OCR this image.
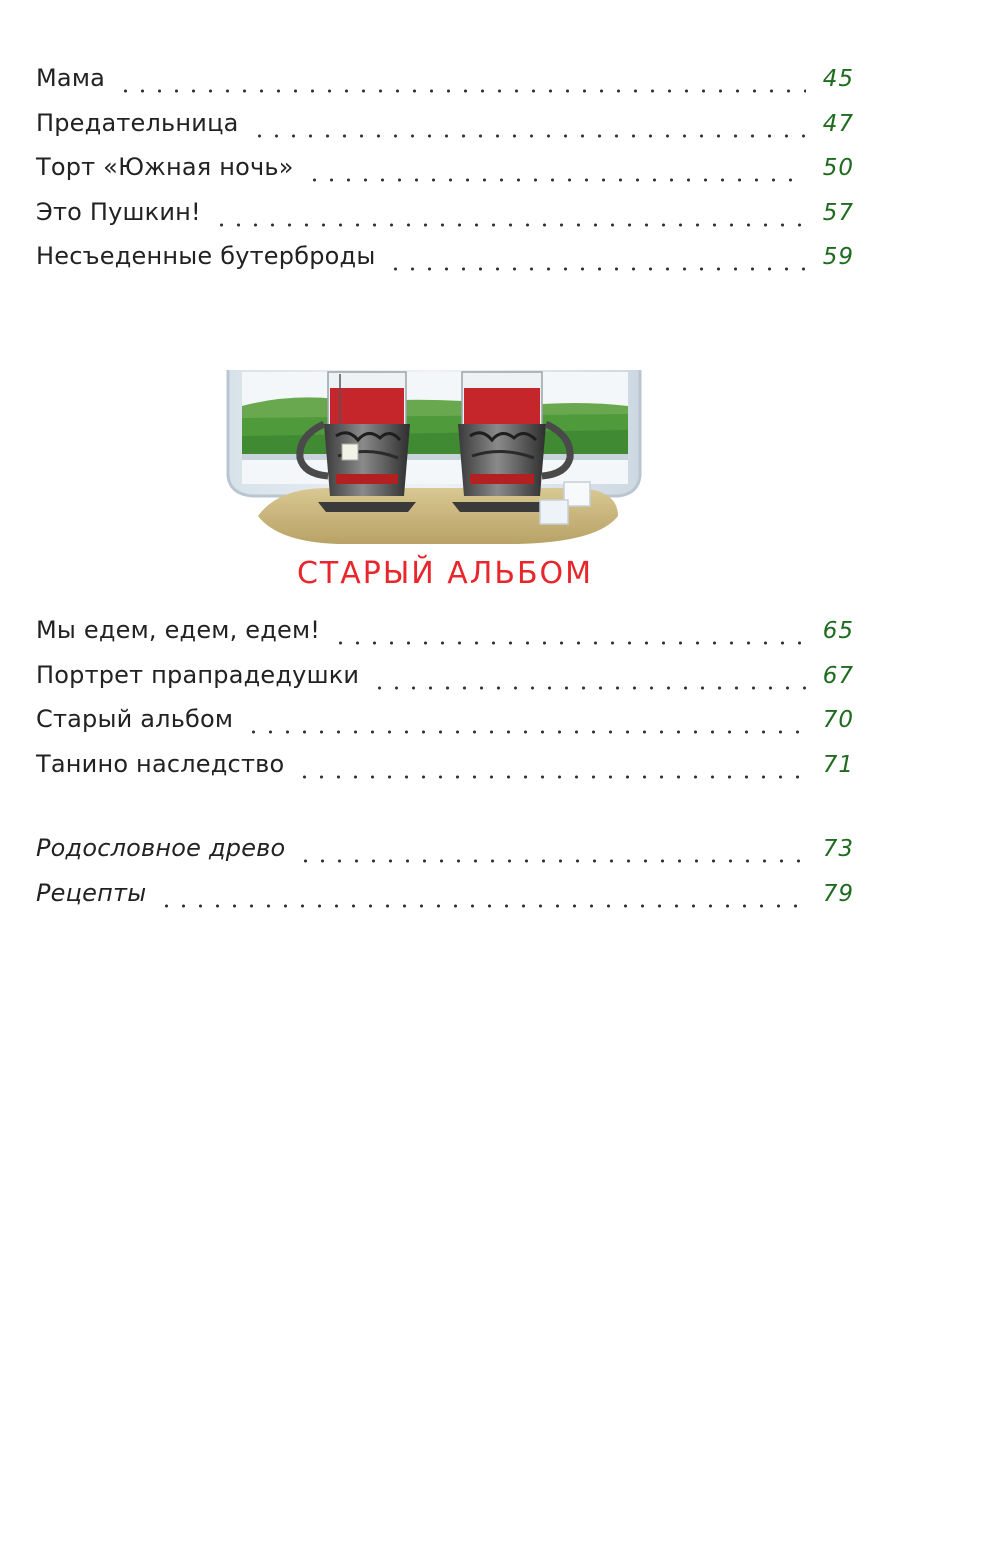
Мама	45
Предательница	47
Торт «Южная ночь»	50
Это Пушкин!	57
Несъеденные бутерброды	59
СТАРЫЙ АЛЬБОМ
Мы едем, едем, едем!	65
Портрет прапрадедушки	67
Старый альбом	70
Танино наследство	71
Родословное древо	73
Рецепты	79
